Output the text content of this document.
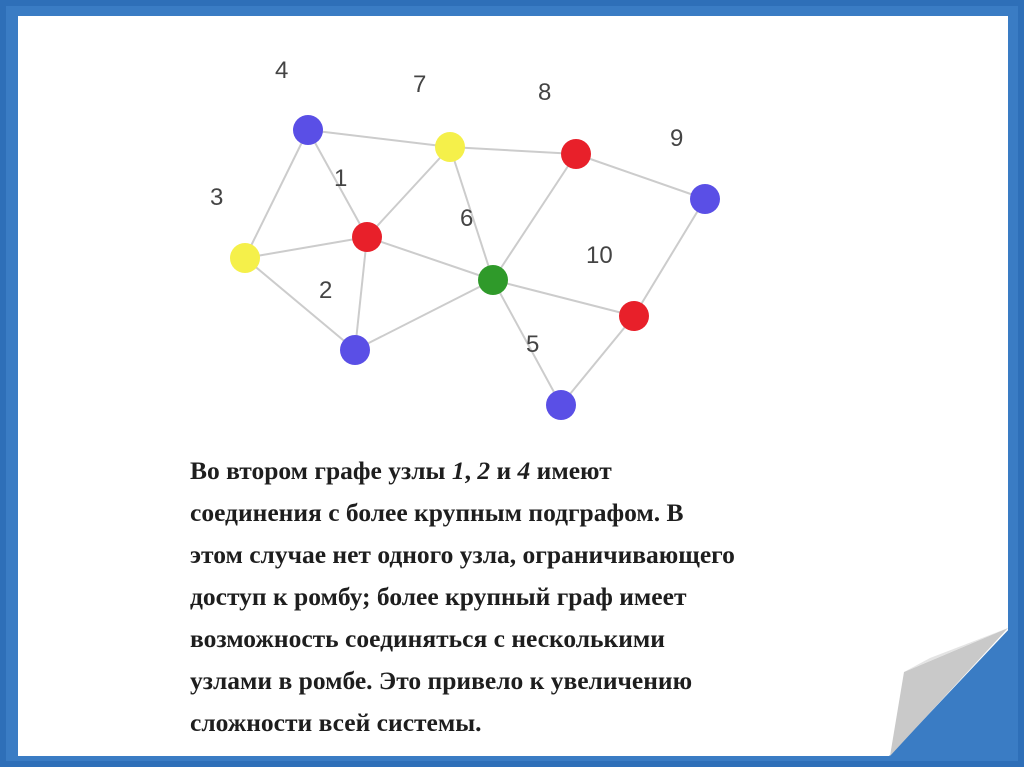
1
2
3
4
5
6
7	8
9
10

Во втором графе узлы 1, 2 и 4 имеют

соединения с более крупным подграфом. В

этом случае нет одного узла, ограничивающего

доступ к ромбу; более крупный граф имеет

возможность соединяться с несколькими

узлами в ромбе. Это привело к увеличению

сложности всей системы.
